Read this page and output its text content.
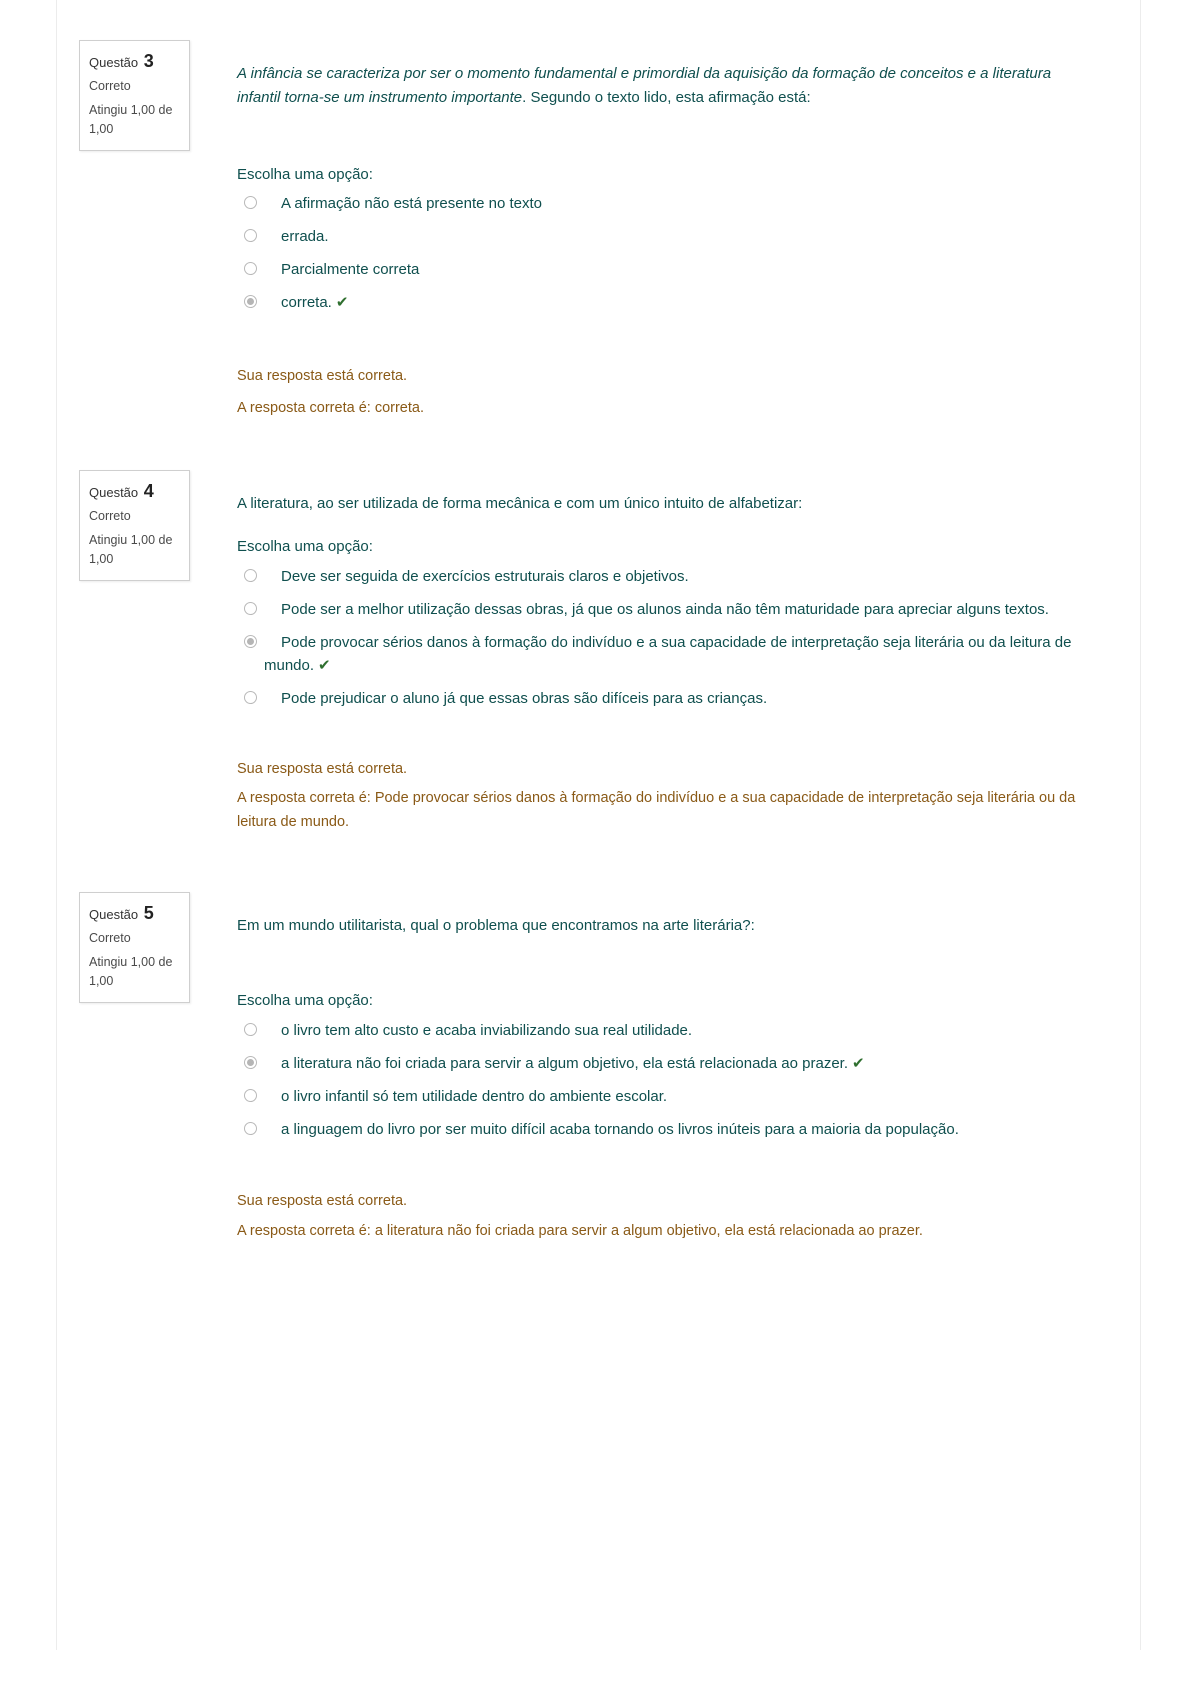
Questão 3
Correto
Atingiu 1,00 de 1,00
A infância se caracteriza por ser o momento fundamental e primordial da aquisição da formação de conceitos e a literatura infantil torna-se um instrumento importante. Segundo o texto lido, esta afirmação está:
Escolha uma opção:
A afirmação não está presente no texto
errada.
Parcialmente correta
correta. ✔
Sua resposta está correta.
A resposta correta é: correta.
Questão 4
Correto
Atingiu 1,00 de 1,00
A literatura, ao ser utilizada de forma mecânica e com um único intuito de alfabetizar:
Escolha uma opção:
Deve ser seguida de exercícios estruturais claros e objetivos.
Pode ser a melhor utilização dessas obras, já que os alunos ainda não têm maturidade para apreciar alguns textos.
Pode provocar sérios danos à formação do indivíduo e a sua capacidade de interpretação seja literária ou da leitura de mundo. ✔
Pode prejudicar o aluno já que essas obras são difíceis para as crianças.
Sua resposta está correta.
A resposta correta é: Pode provocar sérios danos à formação do indivíduo e a sua capacidade de interpretação seja literária ou da leitura de mundo.
Questão 5
Correto
Atingiu 1,00 de 1,00
Em um mundo utilitarista, qual o problema que encontramos na arte literária?:
Escolha uma opção:
o livro tem alto custo e acaba inviabilizando sua real utilidade.
a literatura não foi criada para servir a algum objetivo, ela está relacionada ao prazer. ✔
o livro infantil só tem utilidade dentro do ambiente escolar.
a linguagem do livro por ser muito difícil acaba tornando os livros inúteis para a maioria da população.
Sua resposta está correta.
A resposta correta é: a literatura não foi criada para servir a algum objetivo, ela está relacionada ao prazer.
